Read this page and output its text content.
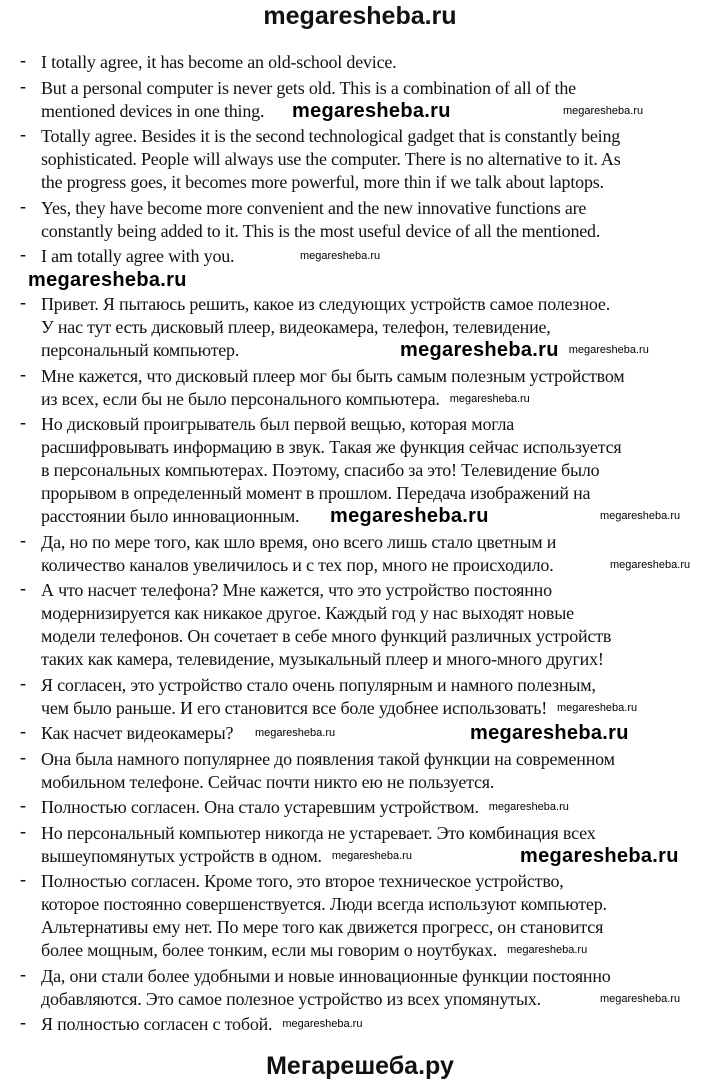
megaresheba.ru
- I totally agree, it has become an old-school device.
- But a personal computer is never gets old. This is a combination of all of the
mentioned devices in one thing.
- Totally agree. Besides it is the second technological gadget that is constantly being
sophisticated. People will always use the computer. There is no alternative to it. As
the progress goes, it becomes more powerful, more thin if we talk about laptops.
- Yes, they have become more convenient and the new innovative functions are
constantly being added to it. This is the most useful device of all the mentioned.
- I am totally agree with you.
- Привет. Я пытаюсь решить, какое из следующих устройств самое полезное.
У нас тут есть дисковый плеер, видеокамера, телефон, телевидение,
персональный компьютер.
- Мне кажется, что дисковый плеер мог бы быть самым полезным устройством
из всех, если бы не было персонального компьютера.
- Но дисковый проигрыватель был первой вещью, которая могла
расшифровывать информацию в звук. Такая же функция сейчас используется
в персональных компьютерах. Поэтому, спасибо за это! Телевидение было
прорывом в определенный момент в прошлом. Передача изображений на
расстоянии было инновационным.
- Да, но по мере того, как шло время, оно всего лишь стало цветным и
количество каналов увеличилось и с тех пор, много не происходило.
- А что насчет телефона? Мне кажется, что это устройство постоянно
модернизируется как никакое другое. Каждый год у нас выходят новые
модели телефонов. Он сочетает в себе много функций различных устройств
таких как камера, телевидение, музыкальный плеер и много-много других!
- Я согласен, это устройство стало очень популярным и намного полезным,
чем было раньше. И его становится все боле удобнее использовать!
- Как насчет видеокамеры?
- Она была намного популярнее до появления такой функции на современном
мобильном телефоне. Сейчас почти никто ею не пользуется.
- Полностью согласен. Она стало устаревшим устройством.
- Но персональный компьютер никогда не устаревает. Это комбинация всех
вышеупомянутых устройств в одном.
- Полностью согласен. Кроме того, это второе техническое устройство,
которое постоянно совершенствуется. Люди всегда используют компьютер.
Альтернативы ему нет. По мере того как движется прогресс, он становится
более мощным, более тонким, если мы говорим о ноутбуках.
- Да, они стали более удобными и новые инновационные функции постоянно
добавляются. Это самое полезное устройство из всех упомянутых.
- Я полностью согласен с тобой.
Мегарешеба.ру
megaresheba.ru	megaresheba.ru
megaresheba.ru
megaresheba.ru
megaresheba.ru megaresheba.ru
megaresheba.ru
megaresheba.ru	megaresheba.ru
megaresheba.ru
megaresheba.ru
megaresheba.ru	megaresheba.ru
megaresheba.ru
megaresheba.ru	megaresheba.ru
megaresheba.ru
megaresheba.ru
megaresheba.ru
